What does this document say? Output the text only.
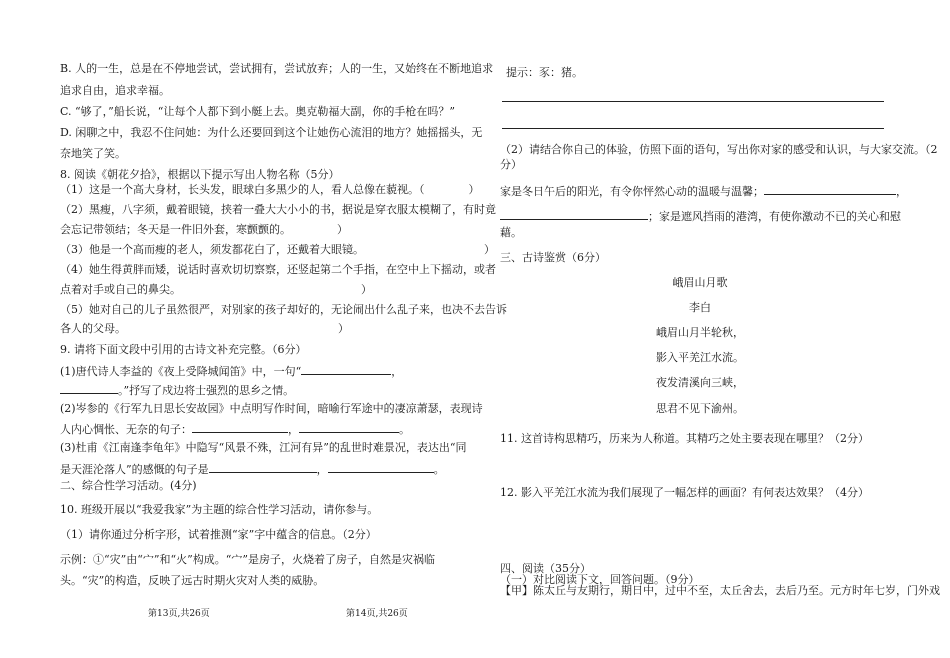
B. 人的一生，总是在不停地尝试，尝试拥有，尝试放弃；人的一生，又始终在不断地追求
追求自由，追求幸福。
C. “够了，”船长说，“让每个人都下到小艇上去。奥克勒福大副，你的手枪在吗？”
D. 闲聊之中，我忍不住问她：为什么还要回到这个让她伤心流泪的地方？她摇摇头，无
奈地笑了笑。
8. 阅读《朝花夕拾》，根据以下提示写出人物名称（5分）
（1）这是一个高大身材，长头发，眼球白多黑少的人，看人总像在藐视。（	）
（2）黑瘦，八字须，戴着眼镜，挟着一叠大大小小的书，据说是穿衣服太模糊了，有时竟
会忘记带领结；冬天是一件旧外套，寒颤颤的。	）
（3）他是一个高而瘦的老人，须发都花白了，还戴着大眼镜。	）
（4）她生得黄胖而矮，说话时喜欢切切察察，还竖起第二个手指，在空中上下摇动，或者
点着对手或自己的鼻尖。	）
（5）她对自己的儿子虽然很严，对别家的孩子却好的，无论闹出什么乱子来，也决不去告诉
各人的父母。	）
9. 请将下面文段中引用的古诗文补充完整。（6分）
(1)唐代诗人李益的《夜上受降城闻笛》中，一句“	，
。”抒写了戍边将士强烈的思乡之情。
(2)岑参的《行军九日思长安故园》中点明写作时间，暗喻行军途中的凄凉萧瑟，表现诗
人内心惆怅、无奈的句子：	，	。
(3)杜甫《江南逢李龟年》中隐写“风景不殊，江河有异”的乱世时难景况，表达出“同
是天涯沦落人”的感慨的句子是	，	。
二、综合性学习活动。(4分)
10. 班级开展以“我爱我家”为主题的综合性学习活动，请你参与。
（1）请你通过分析字形，试着推测“家”字中蕴含的信息。（2分）
示例：①“灾”由“宀”和“火”构成。“宀”是房子，火烧着了房子，自然是灾祸临
头。“灾”的构造，反映了远古时期火灾对人类的威胁。
第13页,共26页
提示：豕：猪。
（2）请结合你自己的体验，仿照下面的语句，写出你对家的感受和认识，与大家交流。（2
分）
家是冬日午后的阳光，有令你怦然心动的温暖与温馨；	，
；家是遮风挡雨的港湾，有使你激动不已的关心和慰
藉。
三、古诗鉴赏（6分）
峨眉山月歌
李白
峨眉山月半轮秋，
影入平羌江水流。
夜发清溪向三峡，
思君不见下渝州。
11. 这首诗构思精巧，历来为人称道。其精巧之处主要表现在哪里？（2分）
12. 影入平羌江水流为我们展现了一幅怎样的画面？有何表达效果？（4分）
四、阅读（35分）
（一）对比阅读下文，回答问题。（9分）
【甲】陈太丘与友期行，期日中，过中不至，太丘舍去，去后乃至。元方时年七岁，门外戏
第14页,共26页
